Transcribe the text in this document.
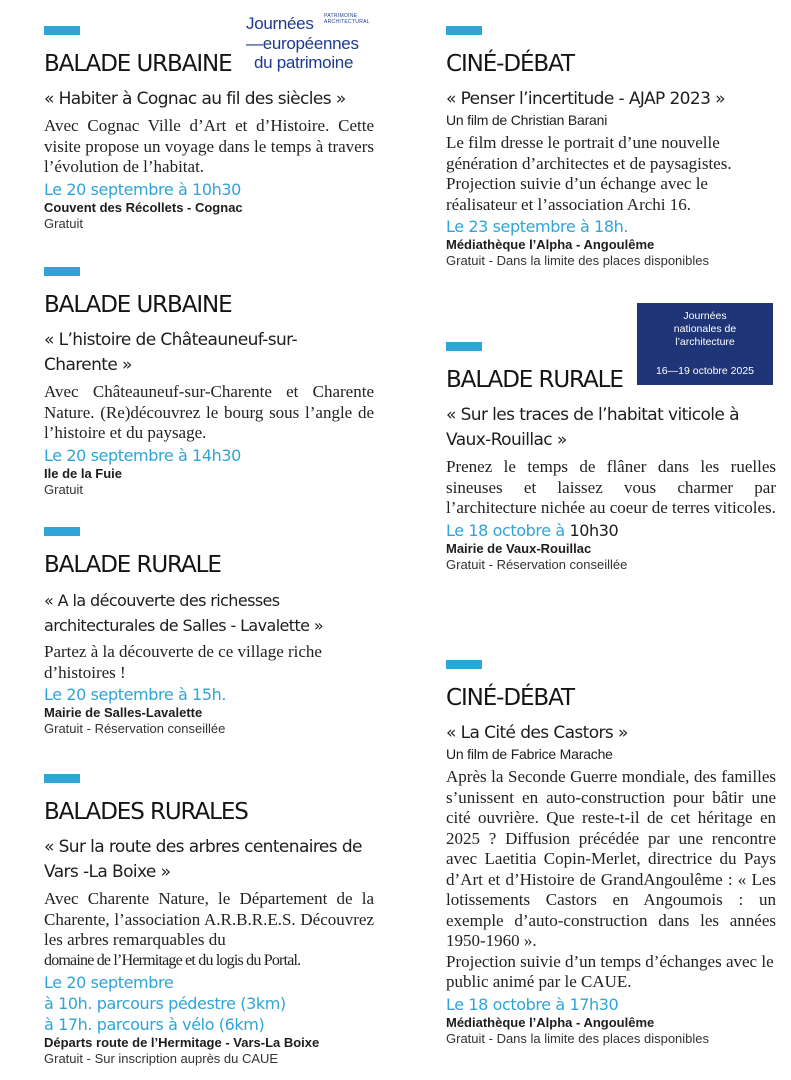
Journées PATRIMOINE
ARCHITECTURAL
—européennes
du patrimoine
Journées
nationales de
l’architecture
16—19 octobre 2025
BALADE URBAINE
« Habiter à Cognac au fil des siècles »
Avec Cognac Ville d’Art et d’Histoire. Cette visite propose un voyage dans le temps à travers l’évolution de l’habitat.
Le 20 septembre à 10h30
Couvent des Récollets - Cognac
Gratuit
BALADE URBAINE
« L’histoire de Châteauneuf-sur-Charente »
Avec Châteauneuf-sur-Charente et Charente Nature. (Re)découvrez le bourg sous l’angle de l’histoire et du paysage.
Le 20 septembre à 14h30
Ile de la Fuie
Gratuit
BALADE RURALE
« A la découverte des richesses
architecturales de Salles - Lavalette »
Partez à la découverte de ce village riche d’histoires !
Le 20 septembre à 15h.
Mairie de Salles-Lavalette
Gratuit - Réservation conseillée
BALADES RURALES
« Sur la route des arbres centenaires de Vars -La Boixe »
Avec Charente Nature, le Département de la Charente, l’association A.R.B.R.E.S. Découvrez les arbres remarquables du
domaine de l’Hermitage et du logis du Portal.
Le 20 septembre
à 10h. parcours pédestre (3km)
à 17h. parcours à vélo (6km)
Départs route de l’Hermitage - Vars-La Boixe
Gratuit - Sur inscription auprès du CAUE
CINÉ-DÉBAT
« Penser l’incertitude - AJAP 2023 »
Un film de Christian Barani
Le film dresse le portrait d’une nouvelle génération d’architectes et de paysagistes. Projection suivie d’un échange avec le réalisateur et l’association Archi 16.
Le 23 septembre à 18h.
Médiathèque l’Alpha - Angoulême
Gratuit - Dans la limite des places disponibles
BALADE RURALE
« Sur les traces de l’habitat viticole à Vaux-Rouillac »
Prenez le temps de flâner dans les ruelles sineuses et laissez vous charmer par l’architecture nichée au coeur de terres viticoles.
Le 18 octobre à 10h30
Mairie de Vaux-Rouillac
Gratuit - Réservation conseillée
CINÉ-DÉBAT
« La Cité des Castors »
Un film de Fabrice Marache
Après la Seconde Guerre mondiale, des familles s’unissent en auto-construction pour bâtir une cité ouvrière. Que reste-t-il de cet héritage en 2025 ? Diffusion précédée par une rencontre avec Laetitia Copin-Merlet, directrice du Pays d’Art et d’Histoire de GrandAngoulême : « Les lotissements Castors en Angoumois : un exemple d’auto-construction dans les années 1950-1960 ».
Projection suivie d’un temps d’échanges avec le public animé par le CAUE.
Le 18 octobre à 17h30
Médiathèque l’Alpha - Angoulême
Gratuit - Dans la limite des places disponibles
